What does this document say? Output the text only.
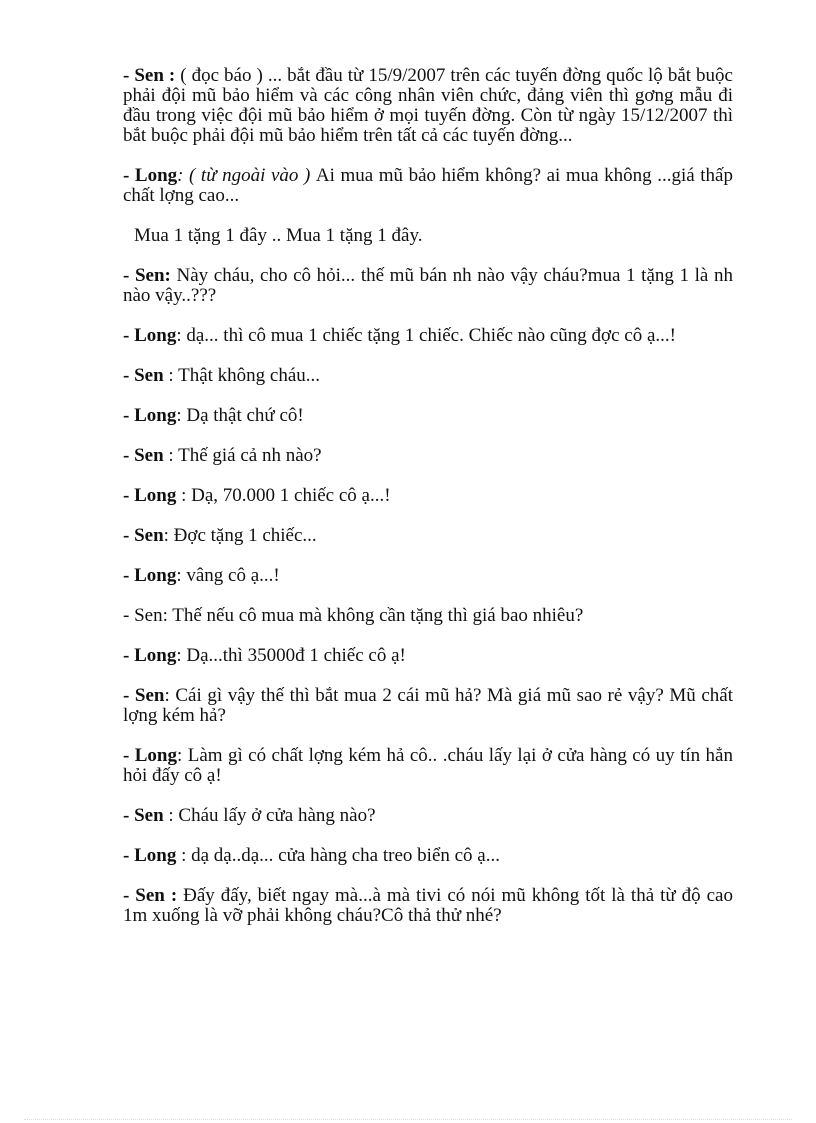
- Sen : ( đọc báo ) ... bắt đầu từ 15/9/2007 trên các tuyến đờng quốc lộ bắt buộc phải đội mũ bảo hiểm và các công nhân viên chức, đảng viên thì gơng mẫu đi đầu trong việc đội mũ bảo hiểm ở mọi tuyến đờng. Còn từ ngày 15/12/2007 thì bắt buộc phải đội mũ bảo hiểm trên tất cả các tuyến đờng...

- Long: ( từ ngoài vào ) Ai mua mũ bảo hiểm không? ai mua không ...giá thấp chất lợng cao...

Mua 1 tặng 1 đây .. Mua 1 tặng 1 đây.

- Sen: Này cháu, cho cô hỏi... thế mũ bán nh nào vậy cháu?mua 1 tặng 1 là nh nào vậy..???

- Long: dạ... thì cô mua 1 chiếc tặng 1 chiếc. Chiếc nào cũng đợc cô ạ...!

- Sen : Thật không cháu...

- Long: Dạ thật chứ cô!

- Sen : Thế giá cả nh nào?

- Long : Dạ, 70.000 1 chiếc cô ạ...!

- Sen: Đợc tặng 1 chiếc...

- Long: vâng cô ạ...!

- Sen: Thế nếu cô mua mà không cần tặng thì giá bao nhiêu?

- Long: Dạ...thì 35000đ 1 chiếc cô ạ!

- Sen: Cái gì vậy thế thì bắt mua 2 cái mũ hả? Mà giá mũ sao rẻ vậy? Mũ chất lợng kém hả?

- Long: Làm gì có chất lợng kém hả cô.. .cháu lấy lại ở cửa hàng có uy tín hẳn hỏi đấy cô ạ!

- Sen : Cháu lấy ở cửa hàng nào?

- Long : dạ dạ..dạ... cửa hàng cha treo biển cô ạ...

- Sen : Đấy đấy, biết ngay mà...à mà tivi có nói mũ không tốt là thả từ độ cao 1m xuống là vỡ phải không cháu?Cô thả thử nhé?
